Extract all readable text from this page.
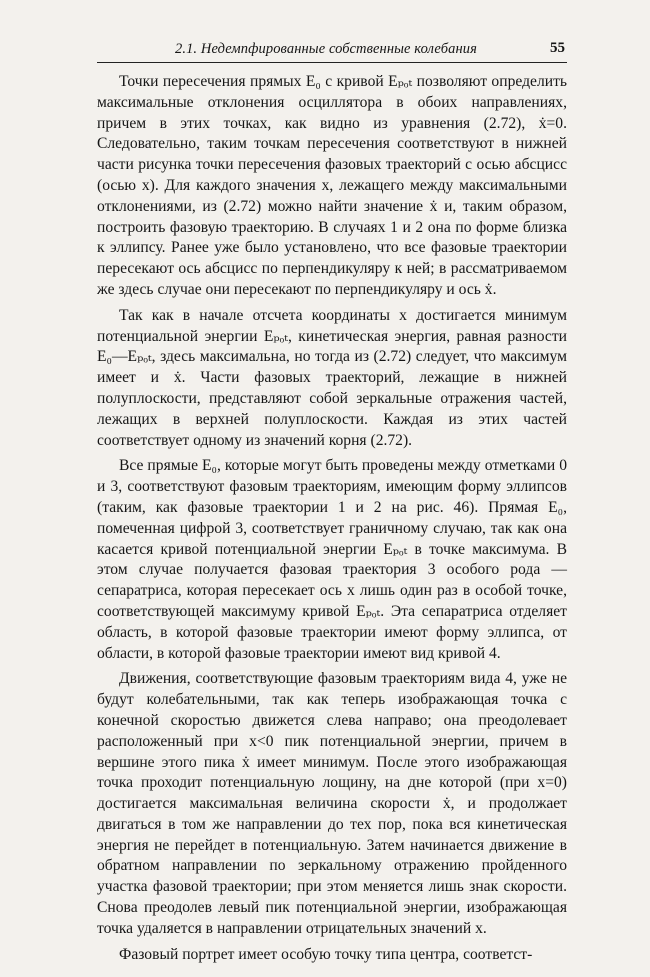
2.1. Недемпфированные собственные колебания	55

Точки пересечения прямых E₀ с кривой Eₚₒₜ позволяют определить максимальные отклонения осциллятора в обоих направлениях, причем в этих точках, как видно из уравнения (2.72), ẋ=0. Следовательно, таким точкам пересечения соответствуют в нижней части рисунка точки пересечения фазовых траекторий с осью абсцисс (осью x). Для каждого значения x, лежащего между максимальными отклонениями, из (2.72) можно найти значение ẋ и, таким образом, построить фазовую траекторию. В случаях 1 и 2 она по форме близка к эллипсу. Ранее уже было установлено, что все фазовые траектории пересекают ось абсцисс по перпендикуляру к ней; в рассматриваемом же здесь случае они пересекают по перпендикуляру и ось ẋ.

Так как в начале отсчета координаты x достигается минимум потенциальной энергии Eₚₒₜ, кинетическая энергия, равная разности E₀—Eₚₒₜ, здесь максимальна, но тогда из (2.72) следует, что максимум имеет и ẋ. Части фазовых траекторий, лежащие в нижней полуплоскости, представляют собой зеркальные отражения частей, лежащих в верхней полуплоскости. Каждая из этих частей соответствует одному из значений корня (2.72).

Все прямые E₀, которые могут быть проведены между отметками 0 и 3, соответствуют фазовым траекториям, имеющим форму эллипсов (таким, как фазовые траектории 1 и 2 на рис. 46). Прямая E₀, помеченная цифрой 3, соответствует граничному случаю, так как она касается кривой потенциальной энергии Eₚₒₜ в точке максимума. В этом случае получается фазовая траектория 3 особого рода — сепаратриса, которая пересекает ось x лишь один раз в особой точке, соответствующей максимуму кривой Eₚₒₜ. Эта сепаратриса отделяет область, в которой фазовые траектории имеют форму эллипса, от области, в которой фазовые траектории имеют вид кривой 4.

Движения, соответствующие фазовым траекториям вида 4, уже не будут колебательными, так как теперь изображающая точка с конечной скоростью движется слева направо; она преодолевает расположенный при x<0 пик потенциальной энергии, причем в вершине этого пика ẋ имеет минимум. После этого изображающая точка проходит потенциальную лощину, на дне которой (при x=0) достигается максимальная величина скорости ẋ, и продолжает двигаться в том же направлении до тех пор, пока вся кинетическая энергия не перейдет в потенциальную. Затем начинается движение в обратном направлении по зеркальному отражению пройденного участка фазовой траектории; при этом меняется лишь знак скорости. Снова преодолев левый пик потенциальной энергии, изображающая точка удаляется в направлении отрицательных значений x.

Фазовый портрет имеет особую точку типа центра, соответст-
